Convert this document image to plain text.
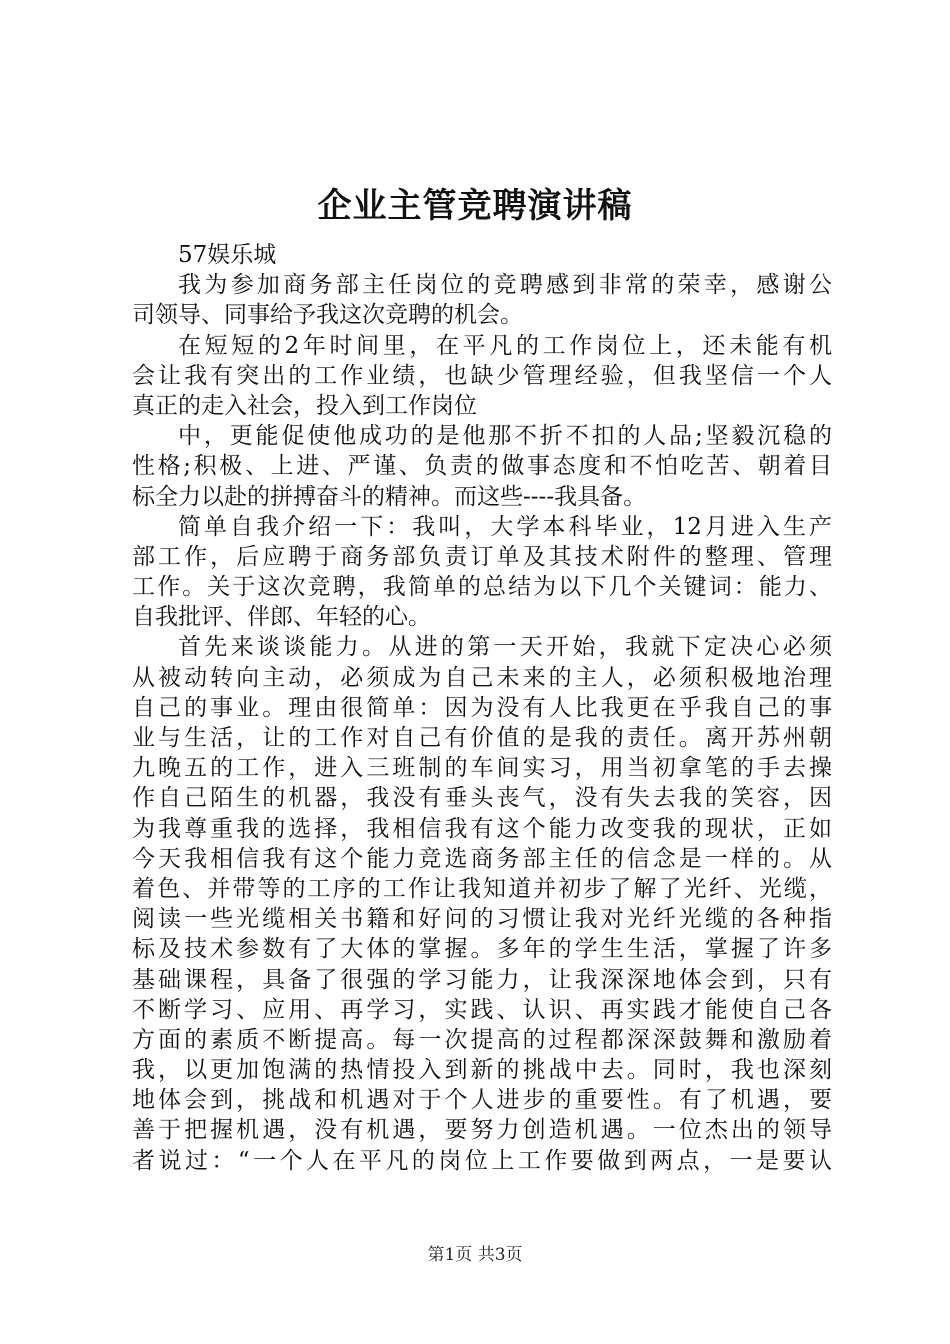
企业主管竞聘演讲稿
57娱乐城
我为参加商务部主任岗位的竞聘感到非常的荣幸，感谢公
司领导、同事给予我这次竞聘的机会。
在短短的2年时间里，在平凡的工作岗位上，还未能有机
会让我有突出的工作业绩，也缺少管理经验，但我坚信一个人
真正的走入社会，投入到工作岗位
中，更能促使他成功的是他那不折不扣的人品;坚毅沉稳的
性格;积极、上进、严谨、负责的做事态度和不怕吃苦、朝着目
标全力以赴的拼搏奋斗的精神。而这些----我具备。
简单自我介绍一下：我叫，大学本科毕业，12月进入生产
部工作，后应聘于商务部负责订单及其技术附件的整理、管理
工作。关于这次竞聘，我简单的总结为以下几个关键词：能力、
自我批评、伴郎、年轻的心。
首先来谈谈能力。从进的第一天开始，我就下定决心必须
从被动转向主动，必须成为自己未来的主人，必须积极地治理
自己的事业。理由很简单：因为没有人比我更在乎我自己的事
业与生活，让的工作对自己有价值的是我的责任。离开苏州朝
九晚五的工作，进入三班制的车间实习，用当初拿笔的手去操
作自己陌生的机器，我没有垂头丧气，没有失去我的笑容，因
为我尊重我的选择，我相信我有这个能力改变我的现状，正如
今天我相信我有这个能力竞选商务部主任的信念是一样的。从
着色、并带等的工序的工作让我知道并初步了解了光纤、光缆，
阅读一些光缆相关书籍和好问的习惯让我对光纤光缆的各种指
标及技术参数有了大体的掌握。多年的学生生活，掌握了许多
基础课程，具备了很强的学习能力，让我深深地体会到，只有
不断学习、应用、再学习，实践、认识、再实践才能使自己各
方面的素质不断提高。每一次提高的过程都深深鼓舞和激励着
我，以更加饱满的热情投入到新的挑战中去。同时，我也深刻
地体会到，挑战和机遇对于个人进步的重要性。有了机遇，要
善于把握机遇，没有机遇，要努力创造机遇。一位杰出的领导
者说过：“一个人在平凡的岗位上工作要做到两点，一是要认
第1页 共3页
